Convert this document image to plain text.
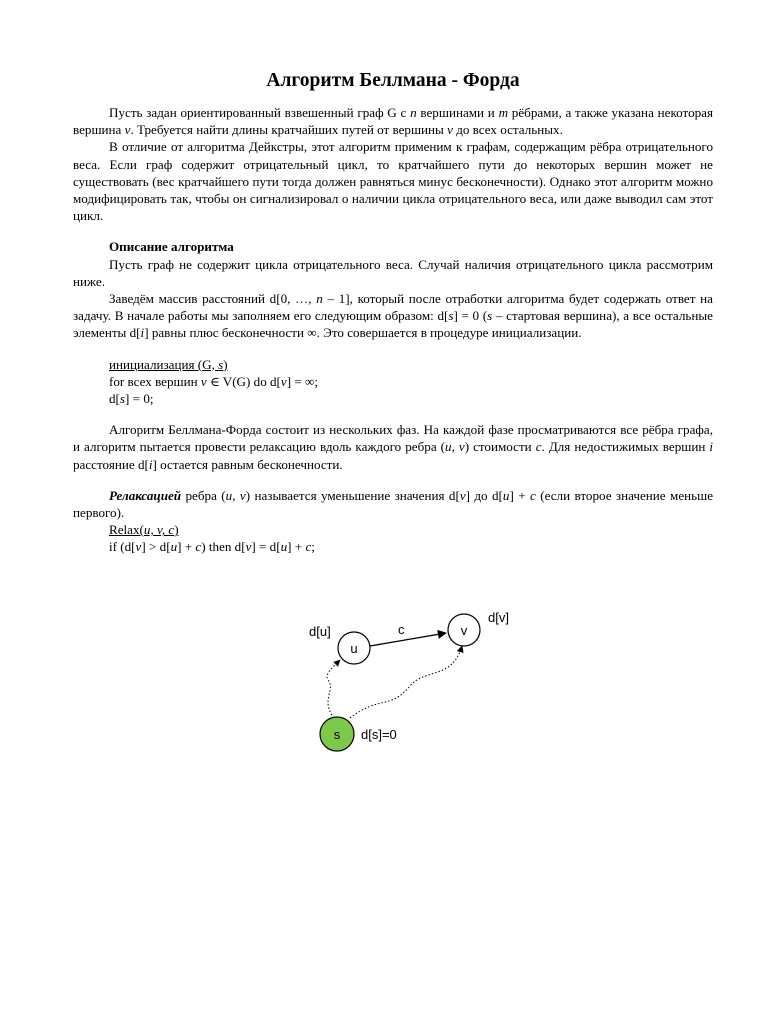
Алгоритм Беллмана - Форда

Пусть задан ориентированный взвешенный граф G с n вершинами и m рёбрами, а также указана некоторая вершина v. Требуется найти длины кратчайших путей от вершины v до всех остальных.

В отличие от алгоритма Дейкстры, этот алгоритм применим к графам, содержащим рёбра отрицательного веса. Если граф содержит отрицательный цикл, то кратчайшего пути до некоторых вершин может не существовать (вес кратчайшего пути тогда должен равняться минус бесконечности). Однако этот алгоритм можно модифицировать так, чтобы он сигнализировал о наличии цикла отрицательного веса, или даже выводил сам этот цикл.

Описание алгоритма

Пусть граф не содержит цикла отрицательного веса. Случай наличия отрицательного цикла рассмотрим ниже.

Заведём массив расстояний d[0, …, n – 1], который после отработки алгоритма будет содержать ответ на задачу. В начале работы мы заполняем его следующим образом: d[s] = 0 (s – стартовая вершина), а все остальные элементы d[i] равны плюс бесконечности ∞. Это совершается в процедуре инициализации.

инициализация (G, s)
for всех вершин v ∈ V(G) do d[v] = ∞;
d[s] = 0;

Алгоритм Беллмана-Форда состоит из нескольких фаз. На каждой фазе просматриваются все рёбра графа, и алгоритм пытается провести релаксацию вдоль каждого ребра (u, v) стоимости c. Для недостижимых вершин i расстояние d[i] остается равным бесконечности.

Релаксацией ребра (u, v) называется уменьшение значения d[v] до d[u] + c (если второе значение меньше первого).

Relax(u, v, c)
if (d[v] > d[u] + c) then d[v] = d[u] + c;
u
v
s
d[u]
d[v]
c
d[s]=0
